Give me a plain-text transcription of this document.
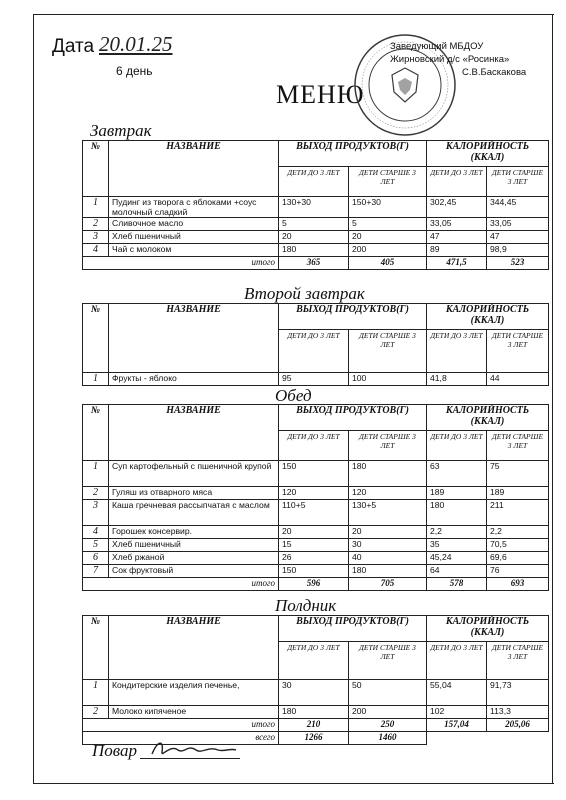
Дата 20.01.25
6 день
МЕНЮ
Заведующий МБДОУ
Жирновский д/с «Росинка»
С.В.Баскакова
Завтрак
№	НАЗВАНИЕ	ВЫХОД ПРОДУКТОВ(Г)		КАЛОРИЙНОСТЬ (ККАЛ)	
		ДЕТИ ДО 3 ЛЕТ	ДЕТИ СТАРШЕ 3 ЛЕТ	ДЕТИ ДО 3 ЛЕТ	ДЕТИ СТАРШЕ 3 ЛЕТ
1	Пудинг из творога с яблоками +соус молочный сладкий	130+30	150+30	302,45	344,45
2	Сливочное масло	5	5	33,05	33,05
3	Хлеб пшеничный	20	20	47	47
4	Чай с молоком	180	200	89	98,9
итого		365	405	471,5	523
Второй завтрак
№	НАЗВАНИЕ	ВЫХОД ПРОДУКТОВ(Г)		КАЛОРИЙНОСТЬ (ККАЛ)	
		ДЕТИ ДО 3 ЛЕТ	ДЕТИ СТАРШЕ 3 ЛЕТ	ДЕТИ ДО 3 ЛЕТ	ДЕТИ СТАРШЕ 3 ЛЕТ
1	Фрукты - яблоко	95	100	41,8	44
Обед
№	НАЗВАНИЕ	ВЫХОД ПРОДУКТОВ(Г)		КАЛОРИЙНОСТЬ (ККАЛ)	
		ДЕТИ ДО 3 ЛЕТ	ДЕТИ СТАРШЕ 3 ЛЕТ	ДЕТИ ДО 3 ЛЕТ	ДЕТИ СТАРШЕ 3 ЛЕТ
1	Суп картофельный с пшеничной крупой	150	180	63	75
2	Гуляш из отварного мяса	120	120	189	189
3	Каша гречневая рассыпчатая с маслом	110+5	130+5	180	211
4	Горошек консервир.	20	20	2,2	2,2
5	Хлеб пшеничный	15	30	35	70,5
6	Хлеб ржаной	26	40	45,24	69,6
7	Сок фруктовый	150	180	64	76
итого		596	705	578	693
Полдник
№	НАЗВАНИЕ	ВЫХОД ПРОДУКТОВ(Г)		КАЛОРИЙНОСТЬ (ККАЛ)	
		ДЕТИ ДО 3 ЛЕТ	ДЕТИ СТАРШЕ 3 ЛЕТ	ДЕТИ ДО 3 ЛЕТ	ДЕТИ СТАРШЕ 3 ЛЕТ
1	Кондитерские изделия печенье,	30	50	55,04	91,73
2	Молоко кипяченое	180	200	102	113,3
итого		210	250	157,04	205,06
всего		1266	1460		
Повар
